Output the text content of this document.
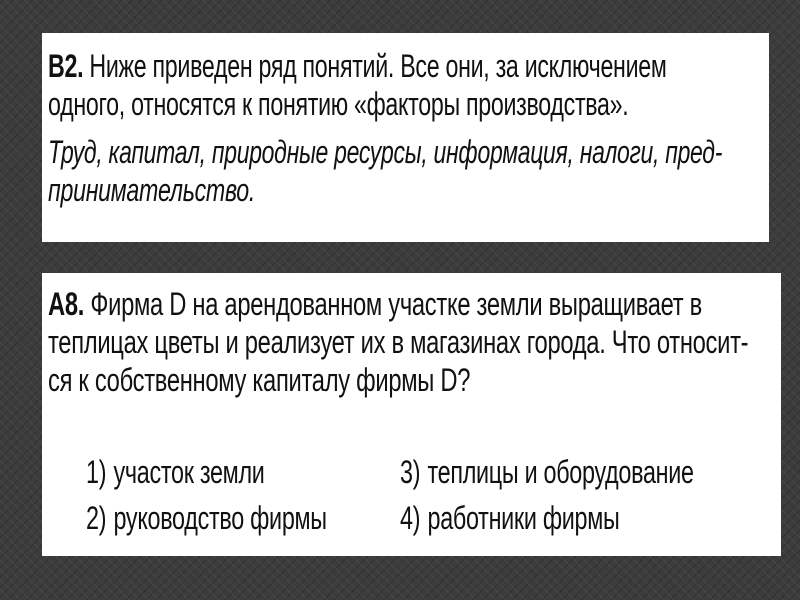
B2. Ниже приведен ряд понятий. Все они, за исключением
одного, относятся к понятию «факторы производства».
Труд, капитал, природные ресурсы, информация, налоги, пред-
принимательство.
A8. Фирма D на арендованном участке земли выращивает в
теплицах цветы и реализует их в магазинах города. Что относит-
ся к собственному капиталу фирмы D?
1) участок земли	3) теплицы и оборудование
2) руководство фирмы 4) работники фирмы
